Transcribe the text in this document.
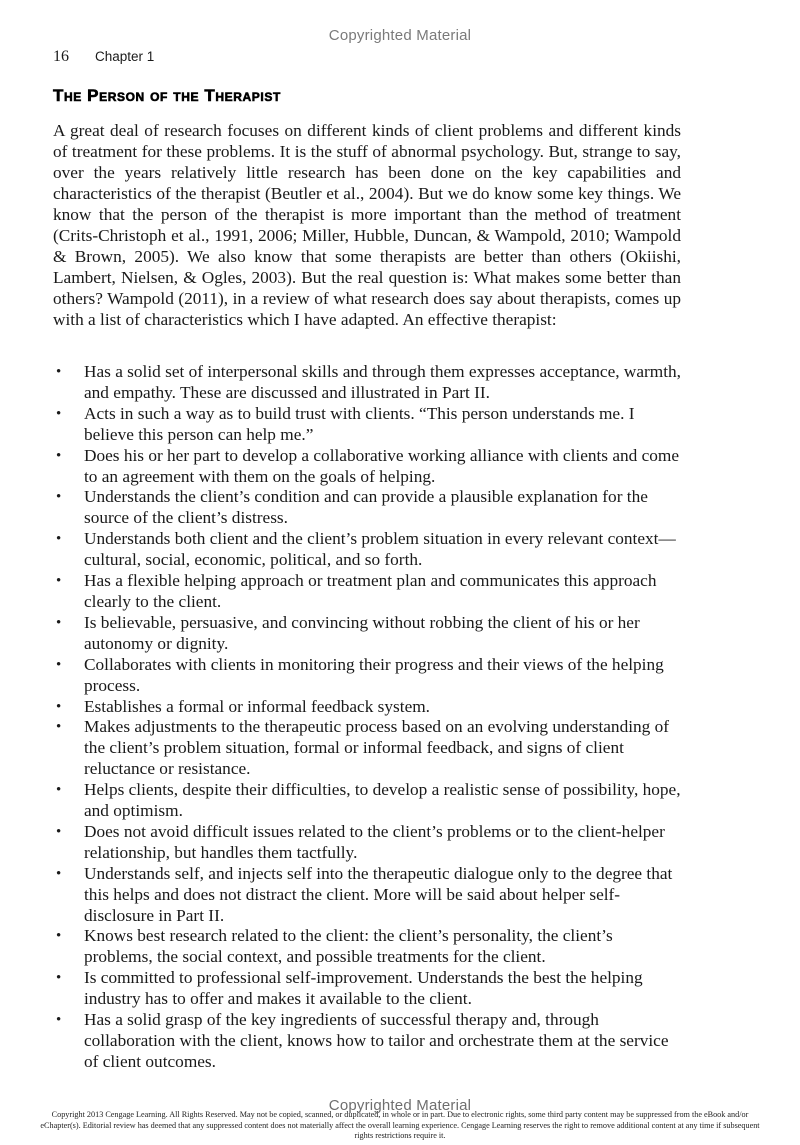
Copyrighted Material
16	Chapter 1
The Person of the Therapist

A great deal of research focuses on different kinds of client problems and different kinds of treatment for these problems. It is the stuff of abnormal psychology. But, strange to say, over the years relatively little research has been done on the key capabilities and characteristics of the therapist (Beutler et al., 2004). But we do know some key things. We know that the person of the therapist is more important than the method of treatment (Crits-Christoph et al., 1991, 2006; Miller, Hubble, Duncan, & Wampold, 2010; Wampold & Brown, 2005). We also know that some therapists are better than others (Okiishi, Lambert, Nielsen, & Ogles, 2003). But the real question is: What makes some better than others? Wampold (2011), in a review of what research does say about therapists, comes up with a list of characteristics which I have adapted. An effective therapist:

• Has a solid set of interpersonal skills and through them expresses acceptance, warmth, and empathy. These are discussed and illustrated in Part II.
• Acts in such a way as to build trust with clients. “This person understands me. I believe this person can help me.”
• Does his or her part to develop a collaborative working alliance with clients and come to an agreement with them on the goals of helping.
• Understands the client’s condition and can provide a plausible explanation for the source of the client’s distress.
• Understands both client and the client’s problem situation in every relevant context—cultural, social, economic, political, and so forth.
• Has a flexible helping approach or treatment plan and communicates this approach clearly to the client.
• Is believable, persuasive, and convincing without robbing the client of his or her autonomy or dignity.
• Collaborates with clients in monitoring their progress and their views of the helping process.
• Establishes a formal or informal feedback system.
• Makes adjustments to the therapeutic process based on an evolving understanding of the client’s problem situation, formal or informal feedback, and signs of client reluctance or resistance.
• Helps clients, despite their difficulties, to develop a realistic sense of possibility, hope, and optimism.
• Does not avoid difficult issues related to the client’s problems or to the client-helper relationship, but handles them tactfully.
• Understands self, and injects self into the therapeutic dialogue only to the degree that this helps and does not distract the client. More will be said about helper self-disclosure in Part II.
• Knows best research related to the client: the client’s personality, the client’s problems, the social context, and possible treatments for the client.
• Is committed to professional self-improvement. Understands the best the helping industry has to offer and makes it available to the client.
• Has a solid grasp of the key ingredients of successful therapy and, through collaboration with the client, knows how to tailor and orchestrate them at the service of client outcomes.
Copyright 2013 Cengage Learning. All Rights Reserved. May not be copied, scanned, or duplicated, in whole or in part. Due to electronic rights, some third party content may be suppressed from the eBook and/or eChapter(s). Editorial review has deemed that any suppressed content does not materially affect the overall learning experience. Cengage Learning reserves the right to remove additional content at any time if subsequent rights restrictions require it.
Copyrighted Material
